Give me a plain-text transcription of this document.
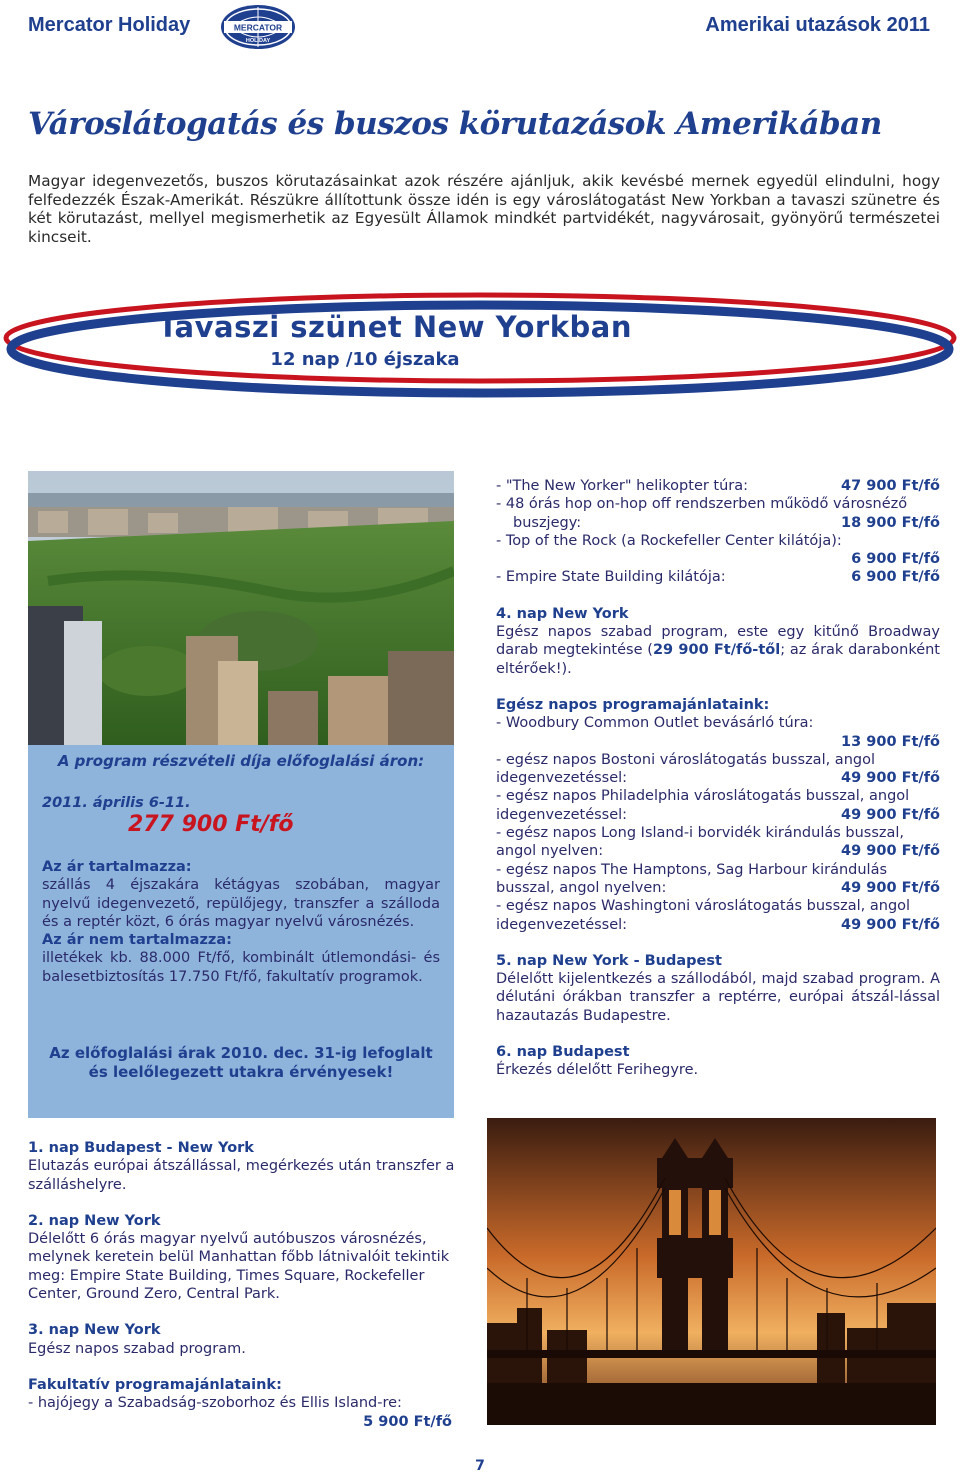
Mercator Holiday	MERCATOR
HOLIDAY
Amerikai utazások 2011
Városlátogatás és buszos körutazások Amerikában
Magyar idegenvezetős, buszos körutazásainkat azok részére ajánljuk, akik kevésbé mernek egyedül elindulni, hogy felfedezzék Észak-Amerikát. Részükre állítottunk össze idén is egy városlátogatást New Yorkban a tavaszi szünetre és két körutazást, mellyel megismerhetik az Egyesült Államok mindkét partvidékét, nagyvárosait, gyönyörű természetei kincseit.
Tavaszi szünet New Yorkban
12 nap /10 éjszaka
A program részvételi díja előfoglalási áron:
2011. április 6-11.
277 900 Ft/fő
Az ár tartalmazza:
szállás 4 éjszakára kétágyas szobában, magyar nyelvű idegenvezető, repülőjegy, transzfer a szálloda és a reptér közt, 6 órás magyar nyelvű városnézés.
Az ár nem tartalmazza:
illetékek kb. 88.000 Ft/fő, kombinált útlemondási- és balesetbiztosítás 17.750 Ft/fő, fakultatív programok.
Az előfoglalási árak 2010. dec. 31-ig lefoglalt és leelőlegezett utakra érvényesek!
- "The New Yorker" helikopter túra:	47 900 Ft/fő
- 48 órás hop on-hop off rendszerben működő városnéző
buszjegy:	18 900 Ft/fő
- Top of the Rock (a Rockefeller Center kilátója):
6 900 Ft/fő
- Empire State Building kilátója:	6 900 Ft/fő

4. nap New York

Egész napos szabad program, este egy kitűnő Broadway darab megtekintése (29 900 Ft/fő-től; az árak darabonként eltérőek!).

Egész napos programajánlataink:

- Woodbury Common Outlet bevásárló túra:
13 900 Ft/fő
- egész napos Bostoni városlátogatás busszal, angol
idegenvezetéssel:	49 900 Ft/fő
- egész napos Philadelphia városlátogatás busszal, angol
idegenvezetéssel:	49 900 Ft/fő
- egész napos Long Island-i borvidék kirándulás busszal,
angol nyelven:	49 900 Ft/fő
- egész napos The Hamptons, Sag Harbour kirándulás
busszal, angol nyelven:	49 900 Ft/fő
- egész napos Washingtoni városlátogatás busszal, angol
idegenvezetéssel:	49 900 Ft/fő

5. nap New York - Budapest

Délelőtt kijelentkezés a szállodából, majd szabad program. A délutáni órákban transzfer a reptérre, európai átszál-lással hazautazás Budapestre.

6. nap Budapest

Érkezés délelőtt Ferihegyre.

1. nap Budapest - New York

Elutazás európai átszállással, megérkezés után transzfer a szálláshelyre.

2. nap New York

Délelőtt 6 órás magyar nyelvű autóbuszos városnézés, melynek keretein belül Manhattan főbb látnivalóit tekintik meg: Empire State Building, Times Square, Rockefeller Center, Ground Zero, Central Park.

3. nap New York

Egész napos szabad program.

Fakultatív programajánlataink:

- hajójegy a Szabadság-szoborhoz és Ellis Island-re:

5 900 Ft/fő

7
